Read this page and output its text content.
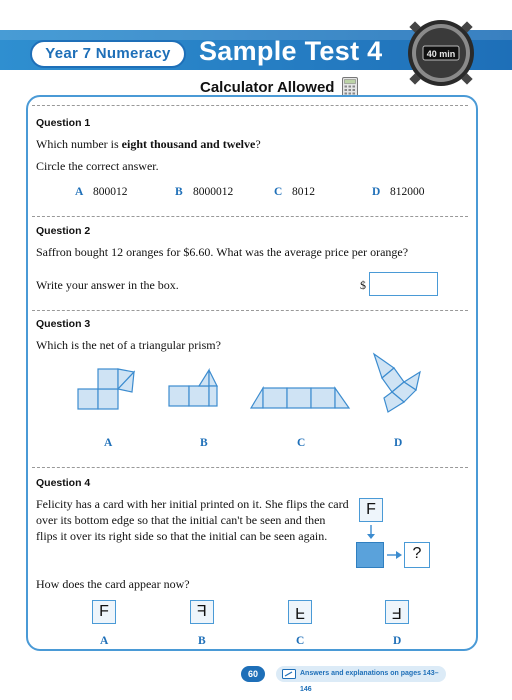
Year 7 Numeracy	Sample Test 4	40 min
Calculator Allowed
Question 1
Which number is eight thousand and twelve?
Circle the correct answer.
A 800012	B 8000012	C 8012	D 812000
Question 2
Saffron bought 12 oranges for $6.60. What was the average price per orange?
Write your answer in the box.	$
Question 3
Which is the net of a triangular prism?
A	B	C	D
Question 4
Felicity has a card with her initial printed on it. She flips the card
over its bottom edge so that the initial can't be seen and then
flips it over its right side so that the initial can be seen again.
F
?
How does the card appear now?
F	F	F	F
A	B	C	D
60	Answers and explanations on pages 143–146
